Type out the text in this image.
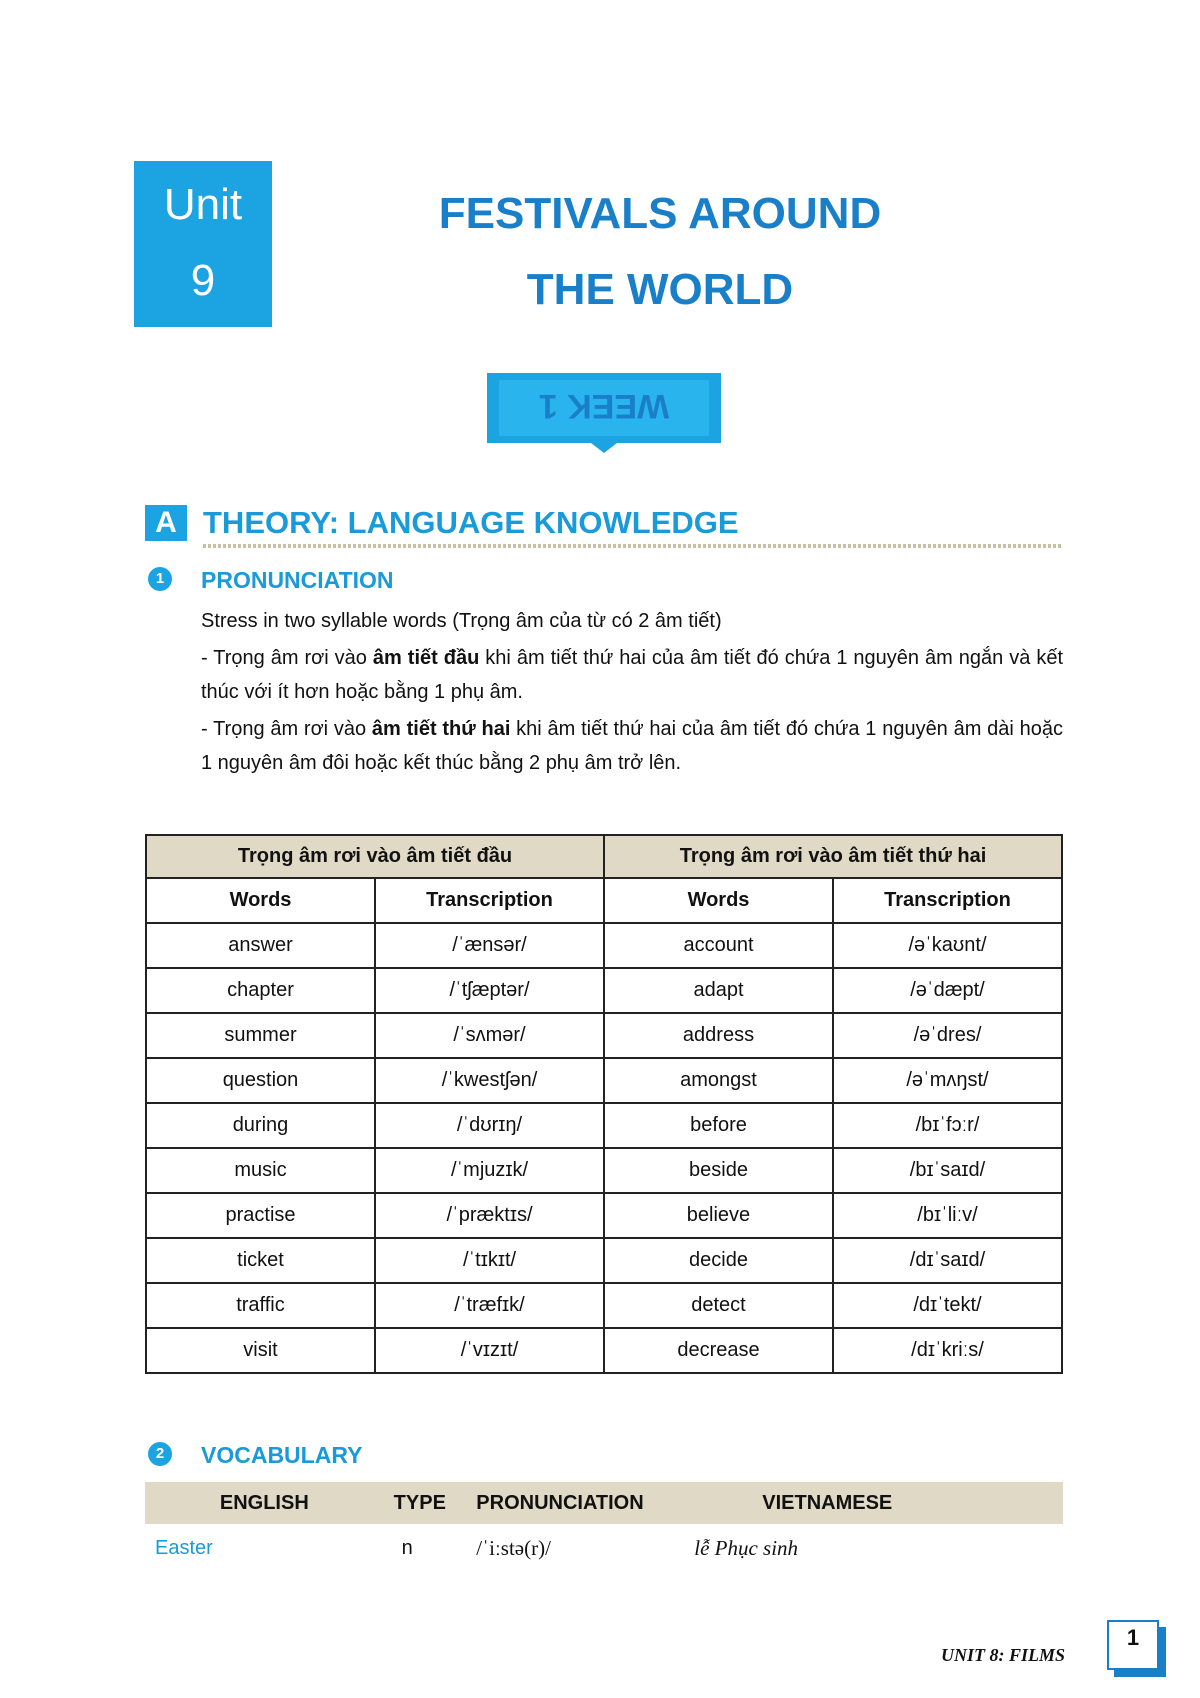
Unit
9
FESTIVALS AROUND
THE WORLD
WEEK 1
A THEORY: LANGUAGE KNOWLEDGE
1	PRONUNCIATION

Stress in two syllable words (Trọng âm của từ có 2 âm tiết)

- Trọng âm rơi vào âm tiết đầu khi âm tiết thứ hai của âm tiết đó chứa 1 nguyên âm ngắn và kết thúc với ít hơn hoặc bằng 1 phụ âm.

- Trọng âm rơi vào âm tiết thứ hai khi âm tiết thứ hai của âm tiết đó chứa 1 nguyên âm dài hoặc 1 nguyên âm đôi hoặc kết thúc bằng 2 phụ âm trở lên.

Trọng âm rơi vào âm tiết đầu		Trọng âm rơi vào âm tiết thứ hai	
Words	Transcription	Words	Transcription
answer	/ˈænsər/	account	/əˈkaʊnt/
chapter	/ˈtʃæptər/	adapt	/əˈdæpt/
summer	/ˈsʌmər/	address	/əˈdres/
question	/ˈkwestʃən/	amongst	/əˈmʌŋst/
during	/ˈdʊrɪŋ/	before	/bɪˈfɔːr/
music	/ˈmjuzɪk/	beside	/bɪˈsaɪd/
practise	/ˈpræktɪs/	believe	/bɪˈliːv/
ticket	/ˈtɪkɪt/	decide	/dɪˈsaɪd/
traffic	/ˈtræfɪk/	detect	/dɪˈtekt/
visit	/ˈvɪzɪt/	decrease	/dɪˈkriːs/
2	VOCABULARY
ENGLISH	TYPE	PRONUNCIATION	VIETNAMESE
Easter	n	/ˈiːstə(r)/	lễ Phục sinh
UNIT 8: FILMS
1
